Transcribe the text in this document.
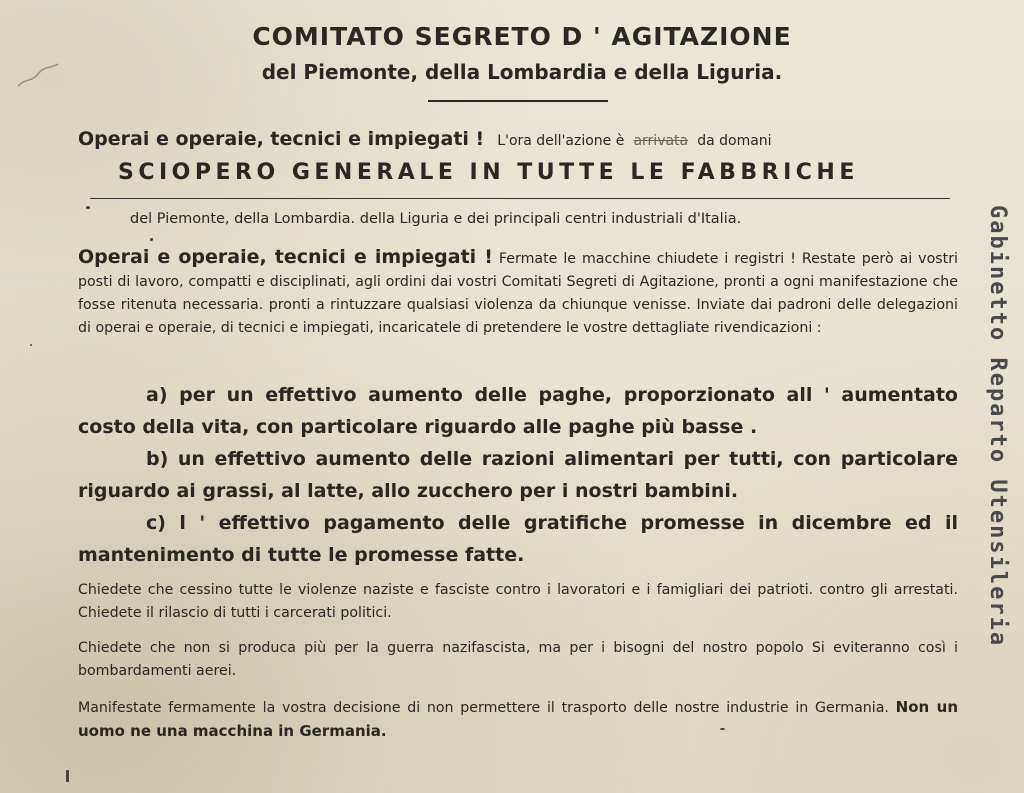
COMITATO SEGRETO D ' AGITAZIONE
del Piemonte, della Lombardia e della Liguria.
Operai e operaie, tecnici e impiegati ! L'ora dell'azione è arrivata da domani
SCIOPERO GENERALE IN TUTTE LE FABBRICHE
del Piemonte, della Lombardia. della Liguria e dei principali centri industriali d'Italia.
Operai e operaie, tecnici e impiegati ! Fermate le macchine chiudete i registri ! Restate però ai vostri posti di lavoro, compatti e disciplinati, agli ordini dai vostri Comitati Segreti di Agitazione, pronti a ogni manifestazione che fosse ritenuta necessaria. pronti a rintuzzare qualsiasi violenza da chiunque venisse. Inviate dai padroni delle delegazioni di operai e operaie, di tecnici e impiegati, incaricatele di pretendere le vostre dettagliate rivendicazioni :
a) per un effettivo aumento delle paghe, proporzionato all ' aumentato costo della vita, con particolare riguardo alle paghe più basse .
b) un effettivo aumento delle razioni alimentari per tutti, con particolare riguardo ai grassi, al latte, allo zucchero per i nostri bambini.
c) l ' effettivo pagamento delle gratifiche promesse in dicembre ed il mantenimento di tutte le promesse fatte.
Chiedete che cessino tutte le violenze naziste e fasciste contro i lavoratori e i famigliari dei patrioti. contro gli arrestati. Chiedete il rilascio di tutti i carcerati politici.
Chiedete che non si produca più per la guerra nazifascista, ma per i bisogni del nostro popolo Si eviteranno così i bombardamenti aerei.
Manifestate fermamente la vostra decisione di non permettere il trasporto delle nostre industrie in Germania. Non un uomo ne una macchina in Germania.
Gabinetto Reparto Utensileria
